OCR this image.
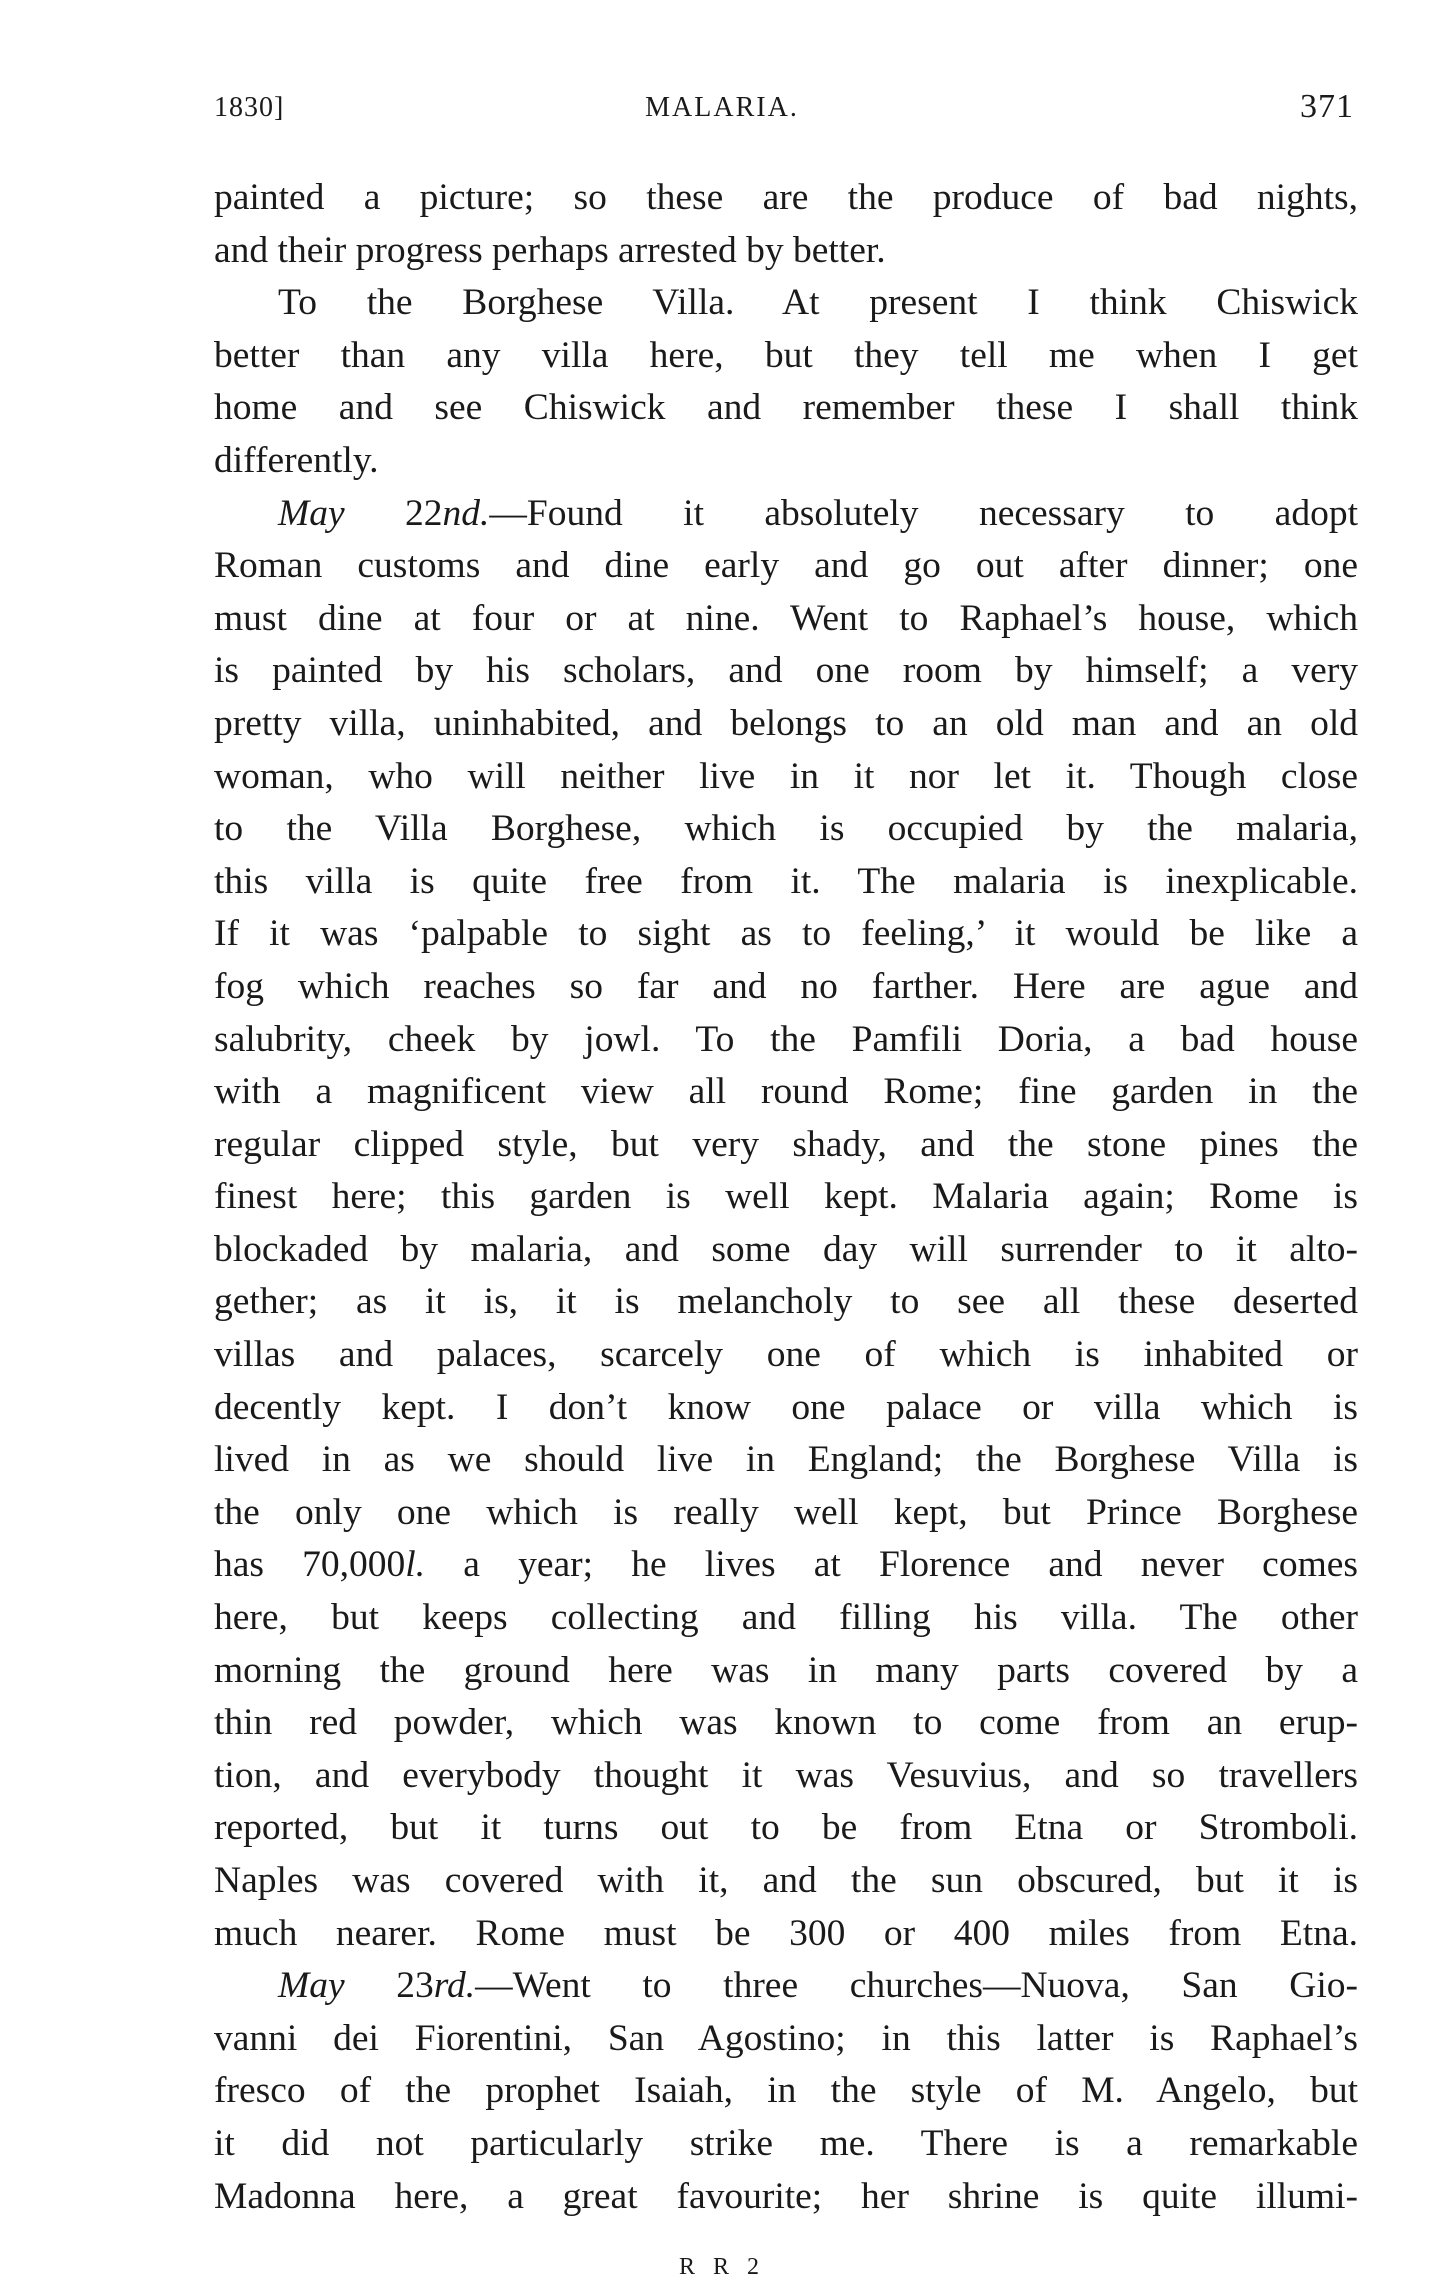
1830]	MALARIA.	371
painted a picture; so these are the produce of bad nights,
and their progress perhaps arrested by better.
To the Borghese Villa. At present I think Chiswick
better than any villa here, but they tell me when I get
home and see Chiswick and remember these I shall think
differently.
May 22nd.—Found it absolutely necessary to adopt
Roman customs and dine early and go out after dinner; one
must dine at four or at nine. Went to Raphael’s house, which
is painted by his scholars, and one room by himself; a very
pretty villa, uninhabited, and belongs to an old man and an old
woman, who will neither live in it nor let it. Though close
to the Villa Borghese, which is occupied by the malaria,
this villa is quite free from it. The malaria is inexplicable.
If it was ‘palpable to sight as to feeling,’ it would be like a
fog which reaches so far and no farther. Here are ague and
salubrity, cheek by jowl. To the Pamfili Doria, a bad house
with a magnificent view all round Rome; fine garden in the
regular clipped style, but very shady, and the stone pines the
finest here; this garden is well kept. Malaria again; Rome is
blockaded by malaria, and some day will surrender to it alto-
gether; as it is, it is melancholy to see all these deserted
villas and palaces, scarcely one of which is inhabited or
decently kept. I don’t know one palace or villa which is
lived in as we should live in England; the Borghese Villa is
the only one which is really well kept, but Prince Borghese
has 70,000l. a year; he lives at Florence and never comes
here, but keeps collecting and filling his villa. The other
morning the ground here was in many parts covered by a
thin red powder, which was known to come from an erup-
tion, and everybody thought it was Vesuvius, and so travellers
reported, but it turns out to be from Etna or Stromboli.
Naples was covered with it, and the sun obscured, but it is
much nearer. Rome must be 300 or 400 miles from Etna.
May 23rd.—Went to three churches—Nuova, San Gio-
vanni dei Fiorentini, San Agostino; in this latter is Raphael’s
fresco of the prophet Isaiah, in the style of M. Angelo, but
it did not particularly strike me. There is a remarkable
Madonna here, a great favourite; her shrine is quite illumi-
R R 2
